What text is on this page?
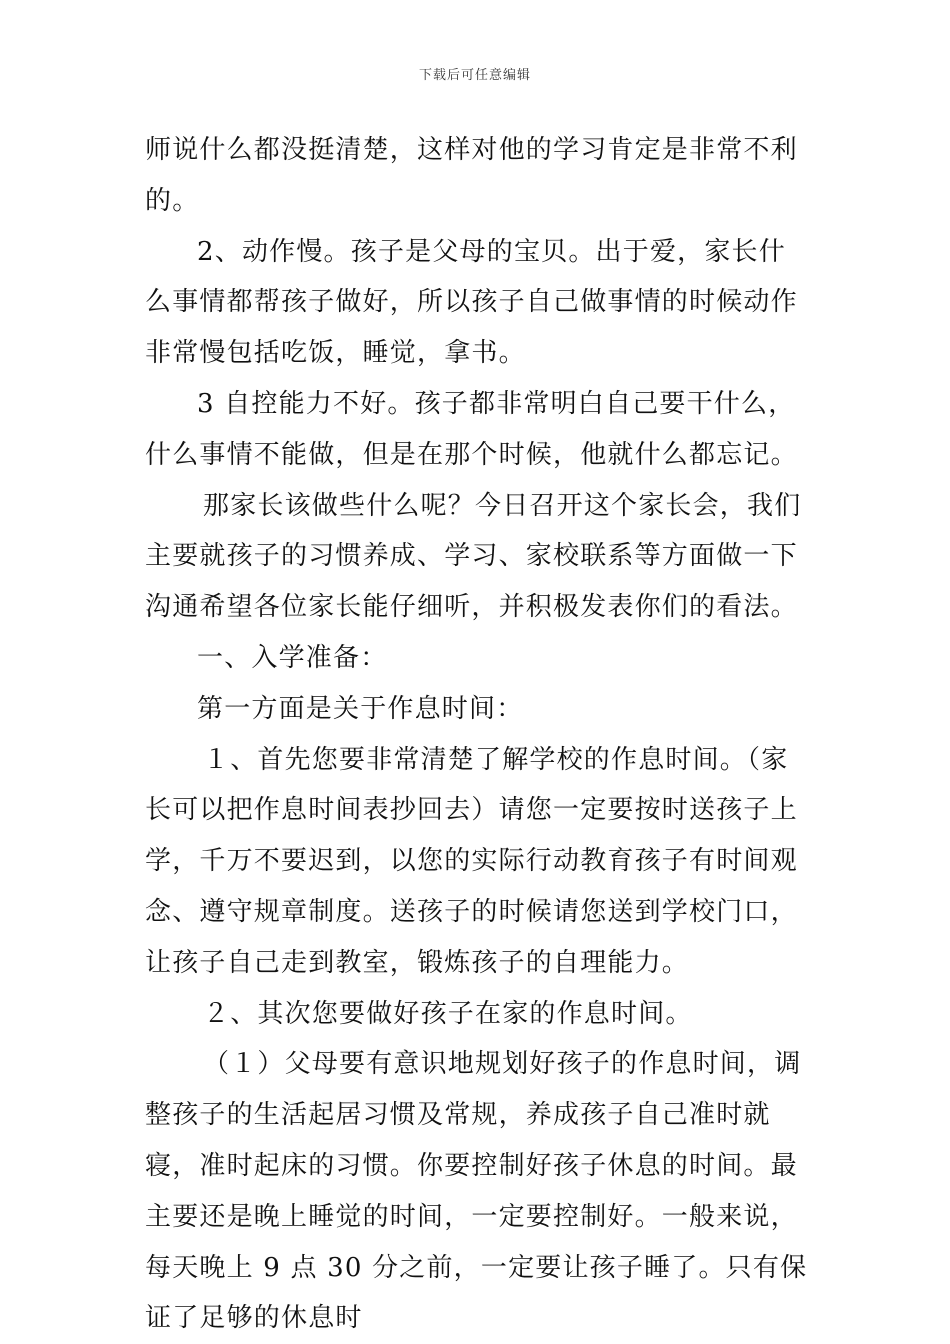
下载后可任意编辑

师说什么都没挺清楚，这样对他的学习肯定是非常不利的。

2、动作慢。孩子是父母的宝贝。出于爱，家长什么事情都帮孩子做好，所以孩子自己做事情的时候动作非常慢包括吃饭，睡觉，拿书。

3 自控能力不好。孩子都非常明白自己要干什么，什么事情不能做，但是在那个时候，他就什么都忘记。

那家长该做些什么呢？今日召开这个家长会，我们主要就孩子的习惯养成、学习、家校联系等方面做一下沟通希望各位家长能仔细听，并积极发表你们的看法。

一、入学准备：

第一方面是关于作息时间：

１、首先您要非常清楚了解学校的作息时间。（家长可以把作息时间表抄回去）请您一定要按时送孩子上学，千万不要迟到，以您的实际行动教育孩子有时间观念、遵守规章制度。送孩子的时候请您送到学校门口，让孩子自己走到教室，锻炼孩子的自理能力。

２、其次您要做好孩子在家的作息时间。

（１）父母要有意识地规划好孩子的作息时间，调整孩子的生活起居习惯及常规，养成孩子自己准时就寝，准时起床的习惯。你要控制好孩子休息的时间。最主要还是晚上睡觉的时间，一定要控制好。一般来说，每天晚上 9 点 30 分之前，一定要让孩子睡了。只有保证了足够的休息时
